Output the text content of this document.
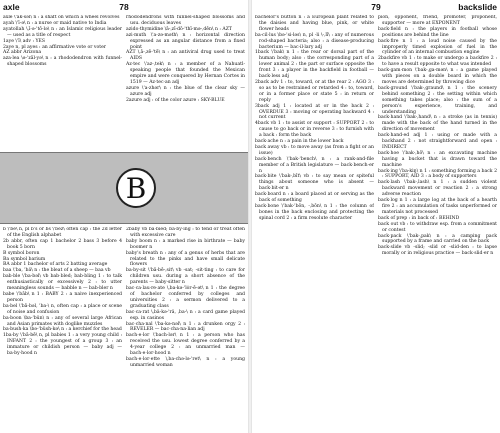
axle	78

axle \'ak-səl\ n : a shaft on which a wheel revolves

ayah \'ī-ə\ n : a nurse or maid native to India

ayatollah \ˌī-ə-'tō-lə\ n : an Islamic religious leader — used as a title of respect

1aye \'ī\ adv : YES

2aye n, pl ayes : an affirmative vote or voter

AZ abbr Arizona

aza·lea \ə-'zāl-yə\ n : a rhododendron with funnel-shaped blossoms

rhododendrons with funnel-shaped blossoms and usu. deciduous leaves

azido·thymidine \ā-ˌzī-dō-'thī-mə-ˌdēn\ n : AZT

azi·muth \'a-zə-məth\ n : horizontal direction expressed as an angular distance from a fixed point

AZT \ˌā-ˌzē-'tē\ n : an antiviral drug used to treat AIDS

Az·tec \'az-ˌtek\ n : a member of a Nahuatl-speaking people that founded the Mexican empire and were conquered by Hernan Cortes in 1519 — Az·tec·an adj

azure \'a-zhər\ n : the blue of the clear sky — azure adj

2azure adj : of the color azure : SKY-BLUE

B

b \'bē\ n, pl b's or bs \'bēz\ often cap : the 2d letter of the English alphabet

2b abbr, often cap 1 bachelor 2 bass 3 before 4 book 5 born

B symbol boron

Ba symbol barium

BA abbr 1 bachelor of arts 2 batting average

baa \'ba, 'bä\ n : the bleat of a sheep — baa vb

bab·ble \'ba-bəl\ vb bab·bled; bab·bling 1 : to talk enthusiastically or excessively 2 : to utter meaningless sounds — babble n — bab·bler n

babe \'bāb\ n 1 : BABY 2 : a naive inexperienced person

ba·bel \'bā-bəl, 'ba-\ n, often cap : a place or scene of noise and confusion

ba·boon \ba-'bün\ n : any of several large African and Asian primates with doglike muzzles

ba·bush·ka \bə-'büsh-kə\ n : a kerchief for the head

1ba·by \'bā-bē\ n, pl babies 1 : a very young child : INFANT 2 : the youngest of a group 3 : an immature or childish person — baby adj — ba·by·hood n

2baby vb ba·bied; ba·by·ing : to tend or treat often with excessive care

baby boom n : a marked rise in birthrate — baby boomer n

baby's breath n : any of a genus of herbs that are related to the pinks and have small delicate flowers

ba·by-sit \'bā-bē-ˌsit\ vb -sat; -sit·ting : to care for children usu. during a short absence of the parents — baby-sitter n

bac·ca·lau·re·ate \ˌba-kə-'lȯr-ē-ət\ n 1 : the degree of bachelor conferred by colleges and universities 2 : a sermon delivered to a graduating class

bac·ca·rat \ˌbä-kə-'rä, ˌba-\ n : a card game played esp. in casinos

bac·cha·nal \'ba-kə-nəl\ n 1 : a drunken orgy 2 : REVELER — bac·cha·na·lian adj

bach·e·lor \'bach-lər\ n 1 : a person who has received the usu. lowest degree conferred by a 4-year college 2 : an unmarried man — bach·e·lor·hood n

bach·e·lor·ette \ˌba-chə-lə-'ret\ n : a young unmarried woman

79	backslide

bachelor's button n : a European plant related to the daisies and having blue, pink, or white flower heads

ba·cil·lus \bə-'si-ləs\ n, pl -li \-ˌlī\ : any of numerous rod-shaped bacteria; also : a disease-producing bacterium — bac·il·lary adj

1back \'bak\ n 1 : the rear or dorsal part of the human body; also : the corresponding part of a lower animal 2 : the part or surface opposite the front 3 : a player in the backfield in football — back·less adj

2back adv 1 : to, toward, or at the rear 2 : AGO 3 : so as to be restrained or retarded 4 : to, toward, or in a former place or state 5 : in return or reply

3back adj 1 : located at or in the back 2 : OVERDUE 3 : moving or operating backward 4 : not current

4back vb 1 : to assist or support : SUPPORT 2 : to cause to go back or in reverse 3 : to furnish with a back : form the back

back·ache n : a pain in the lower back

back away vb : to move away (as from a fight or an issue)

back·bench \'bak-'bench\ n : a rank-and-file member of a British legislature — back·bench·er n

back·bite \'bak-ˌbīt\ vb : to say mean or spiteful things about someone who is absent — back·bit·er n

back·board n : a board placed at or serving as the back of something

back·bone \'bak-'bōn, -ˌbōn\ n 1 : the column of bones in the back enclosing and protecting the spinal cord 2 : a firm resolute character

pion, opponent, friend, promoter, proponent, supporter — more at EXPONENT

back·field n : the players in football whose positions are behind the line

back·fire n 1 : a loud noise caused by the improperly timed explosion of fuel in the cylinder of an internal combustion engine

2backfire vb 1 : to make or undergo a backfire 2 : to have a result opposite to what was intended

back·gam·mon \'bak-ˌga-mən\ n : a game played with pieces on a double board in which the moves are determined by throwing dice

back·ground \'bak-ˌgraund\ n 1 : the scenery behind something 2 : the setting within which something takes place; also : the sum of a person's experience, training, and understanding

back·hand \'bak-ˌhand\ n : a stroke (as in tennis) made with the back of the hand turned in the direction of movement

back·hand·ed adj 1 : using or made with a backhand 2 : not straightforward and open : INDIRECT

back·hoe \'bak-ˌhō\ n : an excavating machine having a bucket that is drawn toward the machine

back·ing \'ba-kiŋ\ n 1 : something forming a back 2 : SUPPORT, AID 3 : a body of supporters

back·lash \'bak-ˌlash\ n 1 : a sudden violent backward movement or reaction 2 : a strong adverse reaction

back·log n 1 : a large log at the back of a hearth fire 2 : an accumulation of tasks unperformed or materials not processed

back of prep : in back of : BEHIND

back out vb : to withdraw esp. from a commitment or contest

back·pack \'bak-ˌpak\ n : a camping pack supported by a frame and carried on the back

back·slide vb -slid; -slid or -slid·den : to lapse morally or in religious practice — back·slid·er n
